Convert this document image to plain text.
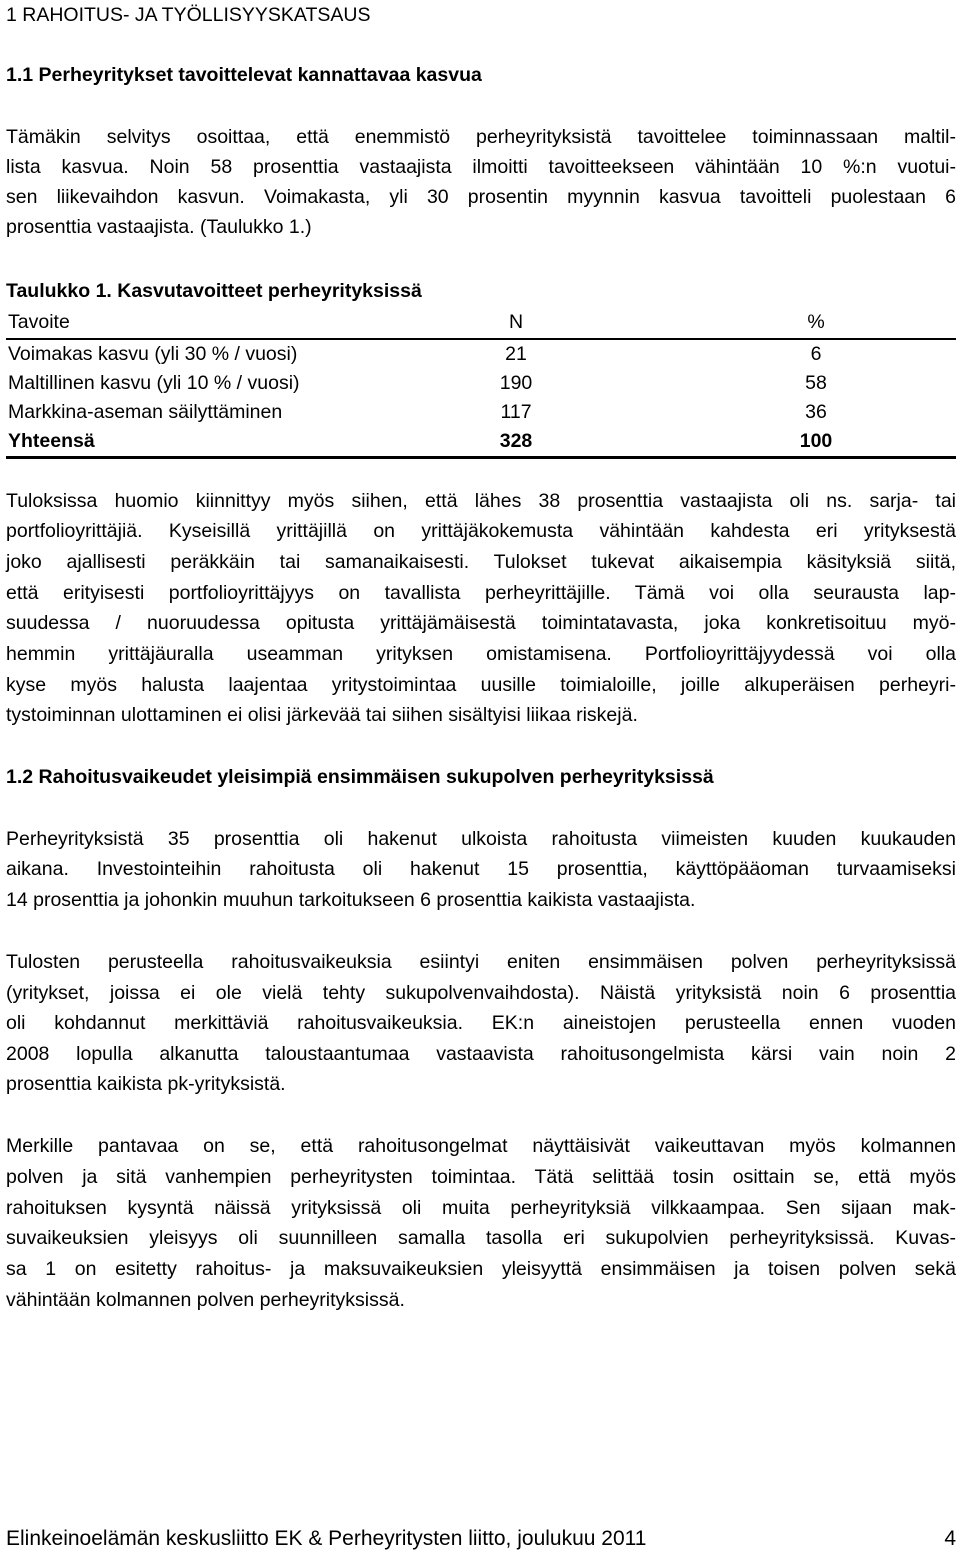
1 RAHOITUS- JA TYÖLLISYYSKATSAUS
1.1 Perheyritykset tavoittelevat kannattavaa kasvua
Tämäkin selvitys osoittaa, että enemmistö perheyrityksistä tavoittelee toiminnassaan maltil-
lista kasvua. Noin 58 prosenttia vastaajista ilmoitti tavoitteekseen vähintään 10 %:n vuotui-
sen liikevaihdon kasvun. Voimakasta, yli 30 prosentin myynnin kasvua tavoitteli puolestaan 6
prosenttia vastaajista. (Taulukko 1.)
Taulukko 1. Kasvutavoitteet perheyrityksissä
Tavoite	N	%
Voimakas kasvu (yli 30 % / vuosi)	21	6
Maltillinen kasvu (yli 10 % / vuosi)	190	58
Markkina-aseman säilyttäminen	117	36
Yhteensä	328	100
Tuloksissa huomio kiinnittyy myös siihen, että lähes 38 prosenttia vastaajista oli ns. sarja- tai
portfolioyrittäjiä. Kyseisillä yrittäjillä on yrittäjäkokemusta vähintään kahdesta eri yrityksestä
joko ajallisesti peräkkäin tai samanaikaisesti. Tulokset tukevat aikaisempia käsityksiä siitä,
että erityisesti portfolioyrittäjyys on tavallista perheyrittäjille. Tämä voi olla seurausta lap-
suudessa / nuoruudessa opitusta yrittäjämäisestä toimintatavasta, joka konkretisoituu myö-
hemmin yrittäjäuralla useamman yrityksen omistamisena. Portfolioyrittäjyydessä voi olla
kyse myös halusta laajentaa yritystoimintaa uusille toimialoille, joille alkuperäisen perheyri-
tystoiminnan ulottaminen ei olisi järkevää tai siihen sisältyisi liikaa riskejä.
1.2 Rahoitusvaikeudet yleisimpiä ensimmäisen sukupolven perheyrityksissä
Perheyrityksistä 35 prosenttia oli hakenut ulkoista rahoitusta viimeisten kuuden kuukauden
aikana. Investointeihin rahoitusta oli hakenut 15 prosenttia, käyttöpääoman turvaamiseksi
14 prosenttia ja johonkin muuhun tarkoitukseen 6 prosenttia kaikista vastaajista.
Tulosten perusteella rahoitusvaikeuksia esiintyi eniten ensimmäisen polven perheyrityksissä
(yritykset, joissa ei ole vielä tehty sukupolvenvaihdosta). Näistä yrityksistä noin 6 prosenttia
oli kohdannut merkittäviä rahoitusvaikeuksia. EK:n aineistojen perusteella ennen vuoden
2008 lopulla alkanutta taloustaantumaa vastaavista rahoitusongelmista kärsi vain noin 2
prosenttia kaikista pk-yrityksistä.
Merkille pantavaa on se, että rahoitusongelmat näyttäisivät vaikeuttavan myös kolmannen
polven ja sitä vanhempien perheyritysten toimintaa. Tätä selittää tosin osittain se, että myös
rahoituksen kysyntä näissä yrityksissä oli muita perheyrityksiä vilkkaampaa. Sen sijaan mak-
suvaikeuksien yleisyys oli suunnilleen samalla tasolla eri sukupolvien perheyrityksissä. Kuvas-
sa 1 on esitetty rahoitus- ja maksuvaikeuksien yleisyyttä ensimmäisen ja toisen polven sekä
vähintään kolmannen polven perheyrityksissä.
Elinkeinoelämän keskusliitto EK & Perheyritysten liitto, joulukuu 2011	4
